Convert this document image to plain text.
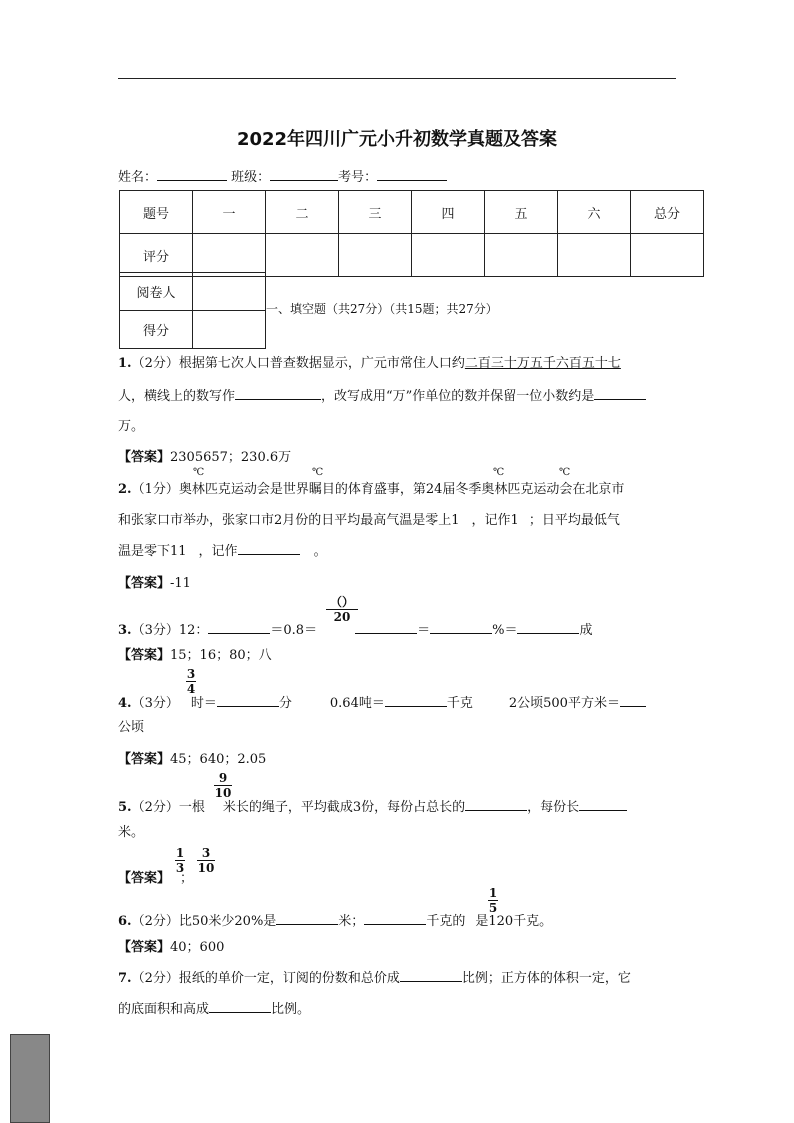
2022年四川广元小升初数学真题及答案
姓名：	班级：	考号：
题号	一	二	三	四	五	六	总分
评分							
阅卷人	
得分	
一、填空题（共27分）（共15题；共27分）
1.（2分）根据第七次人口普查数据显示，广元市常住人口约二百三十万五千六百五十七
人，横线上的数写作	，改写成用“万”作单位的数并保留一位小数约是
万。
【答案】2305657；230.6万
℃	℃	℃	℃
2.（1分）奥林匹克运动会是世界瞩目的体育盛事，第24届冬季奥林匹克运动会在北京市
和张家口市举办，张家口市2月份的日平均最高气温是零上1 ，记作1 ；日平均最低气
温是零下11 ，记作	。
【答案】-11
（）
20
3.（3分）12：	＝0.8＝	＝	%＝	成
【答案】15；16；80；八
$\frac{3}{4}$
4.（3分） 时＝	分	0.64吨＝	千克	2公顷500平方米＝
公顷
【答案】45；640；2.05
$\frac{9}{10}$
5.（2分）一根 米长的绳子，平均截成3份，每份占总长的	，每份长
米。
$\frac{1}{3} \frac{3}{10}$
【答案】 ；
$\frac{1}{5}$
6.（2分）比50米少20%是	米；	千克的 是120千克。
【答案】40；600
7.（2分）报纸的单价一定，订阅的份数和总价成	比例；正方体的体积一定，它
的底面积和高成	比例。
